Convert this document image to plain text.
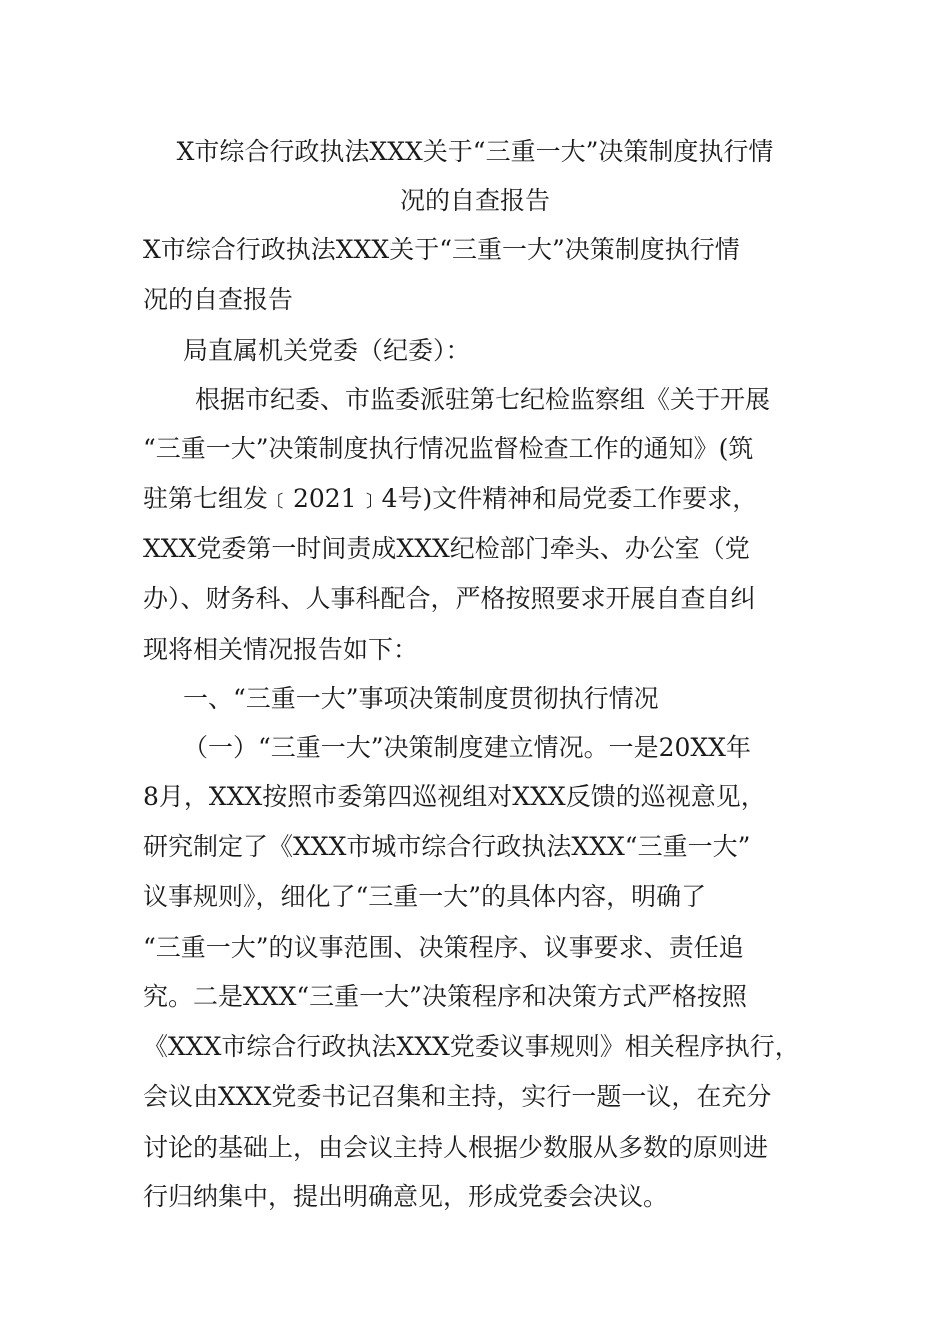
X市综合行政执法XXX关于“三重一大”决策制度执行情
况的自查报告
X市综合行政执法XXX关于“三重一大”决策制度执行情
况的自查报告
局直属机关党委（纪委）：
根据市纪委、市监委派驻第七纪检监察组《关于开展
“三重一大”决策制度执行情况监督检查工作的通知》(筑
驻第七组发﹝2021﹞4号)文件精神和局党委工作要求，
XXX党委第一时间责成XXX纪检部门牵头、办公室（党
办）、财务科、人事科配合，严格按照要求开展自查自纠
现将相关情况报告如下：
一、“三重一大”事项决策制度贯彻执行情况
（一）“三重一大”决策制度建立情况。一是20XX年
8月，XXX按照市委第四巡视组对XXX反馈的巡视意见，
研究制定了《XXX市城市综合行政执法XXX“三重一大”
议事规则》，细化了“三重一大”的具体内容，明确了
“三重一大”的议事范围、决策程序、议事要求、责任追
究。二是XXX“三重一大”决策程序和决策方式严格按照
《XXX市综合行政执法XXX党委议事规则》相关程序执行，
会议由XXX党委书记召集和主持，实行一题一议，在充分
讨论的基础上，由会议主持人根据少数服从多数的原则进
行归纳集中，提出明确意见，形成党委会决议。
